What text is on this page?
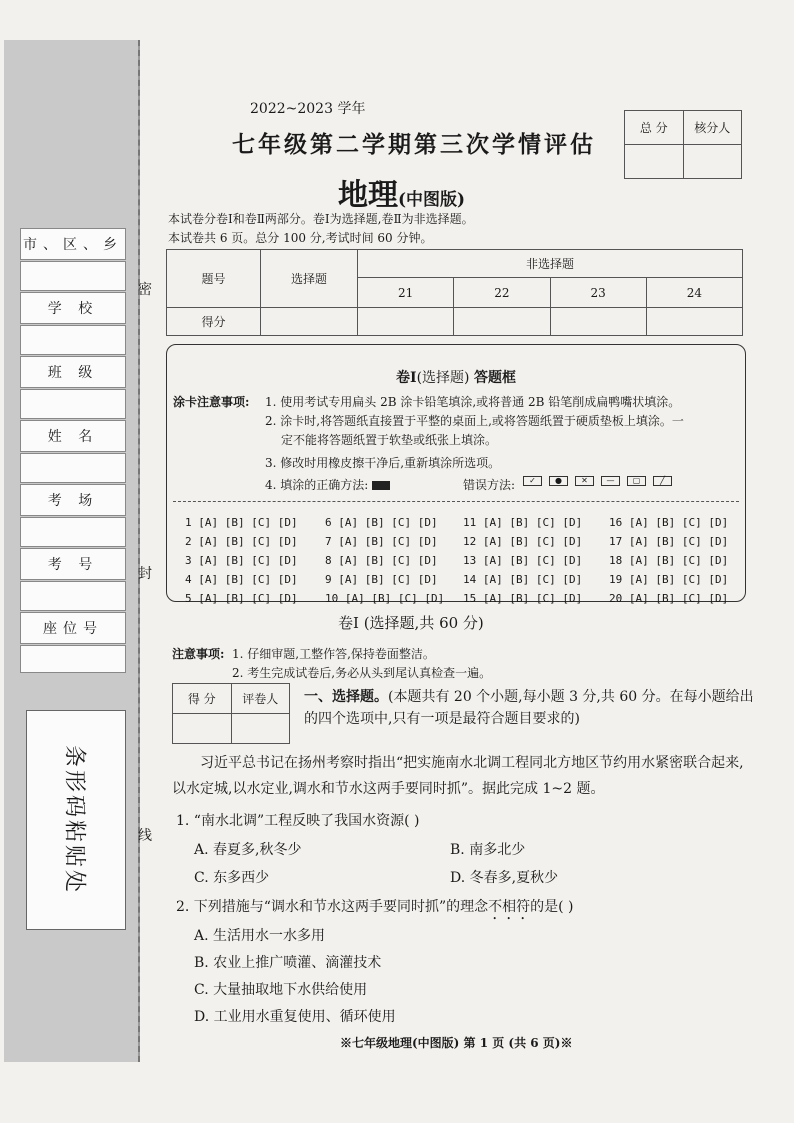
市、区、乡
学 校
班 级
姓 名
考 场
考 号
座位号
条形码粘贴处
密
封
线
2022~2023 学年
七年级第二学期第三次学情评估
地理(中图版)
本试卷分卷Ⅰ和卷Ⅱ两部分。卷Ⅰ为选择题,卷Ⅱ为非选择题。
本试卷共 6 页。总分 100 分,考试时间 60 分钟。
总 分	核分人

题号	选择题	非选择题			
		21	22	23	24
得分					
卷Ⅰ(选择题) 答题框
涂卡注意事项: 1. 使用考试专用扁头 2B 涂卡铅笔填涂,或将普通 2B 铅笔削成扁鸭嘴状填涂。
2. 涂卡时,将答题纸直接置于平整的桌面上,或将答题纸置于硬质垫板上填涂。一
定不能将答题纸置于软垫或纸张上填涂。
3. 修改时用橡皮擦干净后,重新填涂所选项。
4. 填涂的正确方法:	错误方法:	✓	●	✕	—	▢	╱
1 [A] [B] [C] [D]
2 [A] [B] [C] [D]
3 [A] [B] [C] [D]
4 [A] [B] [C] [D]
5 [A] [B] [C] [D]
6 [A] [B] [C] [D]
7 [A] [B] [C] [D]
8 [A] [B] [C] [D]
9 [A] [B] [C] [D]
10 [A] [B] [C] [D]
11 [A] [B] [C] [D]
12 [A] [B] [C] [D]
13 [A] [B] [C] [D]
14 [A] [B] [C] [D]
15 [A] [B] [C] [D]
16 [A] [B] [C] [D]
17 [A] [B] [C] [D]
18 [A] [B] [C] [D]
19 [A] [B] [C] [D]
20 [A] [B] [C] [D]
卷Ⅰ (选择题,共 60 分)
注意事项: 1. 仔细审题,工整作答,保持卷面整洁。
2. 考生完成试卷后,务必从头到尾认真检查一遍。
得 分	评卷人
	一、选择题。(本题共有 20 个小题,每小题 3 分,共 60 分。在每小题给出的四个选项中,只有一项是最符合题目要求的)
习近平总书记在扬州考察时指出“把实施南水北调工程同北方地区节约用水紧密联合起来,以水定城,以水定业,调水和节水这两手要同时抓”。据此完成 1~2 题。
1. “南水北调”工程反映了我国水资源( )
A. 春夏多,秋冬少	B. 南多北少
C. 东多西少	D. 冬春多,夏秋少
2. 下列措施与“调水和节水这两手要同时抓”的理念不相符的是( )
A. 生活用水一水多用
B. 农业上推广喷灌、滴灌技术
C. 大量抽取地下水供给使用
D. 工业用水重复使用、循环使用
※七年级地理(中图版) 第 1 页 (共 6 页)※
